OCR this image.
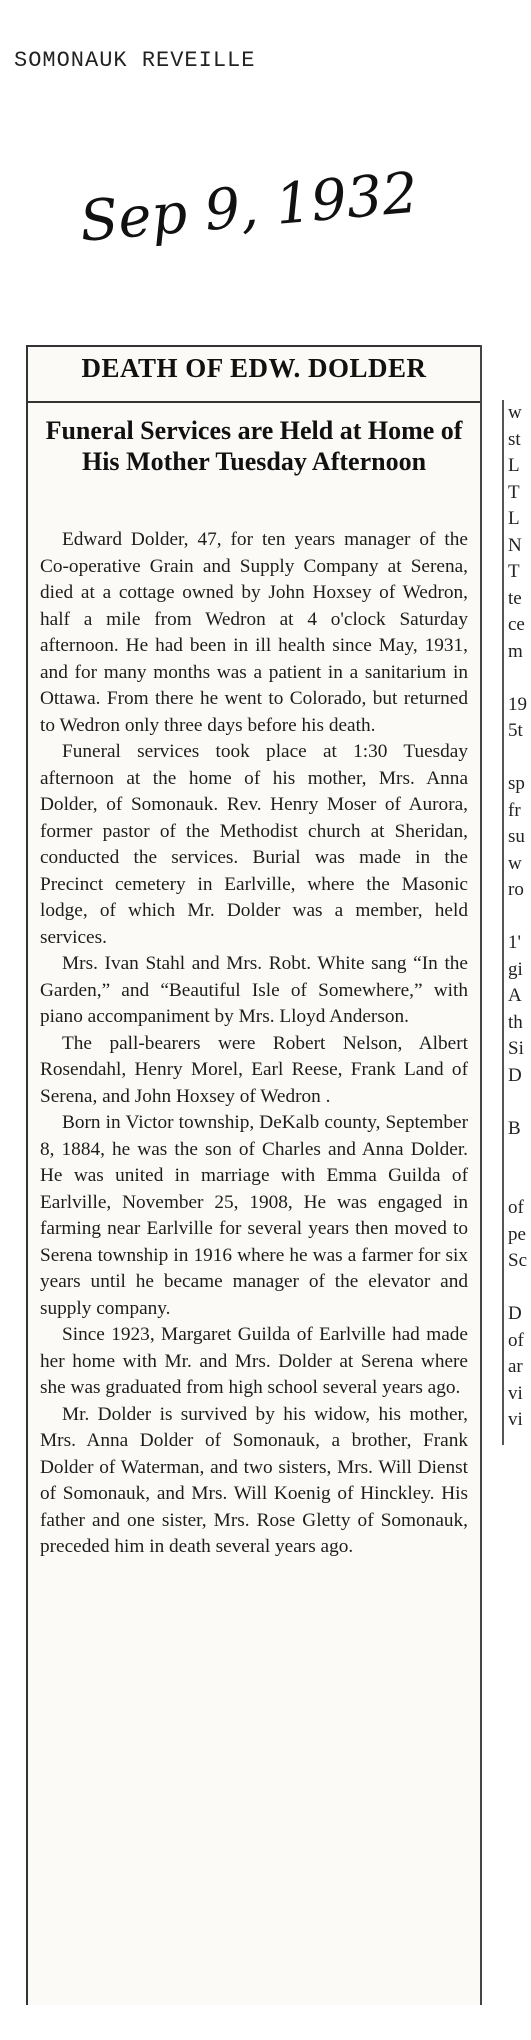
SOMONAUK REVEILLE
Sep 9, 1932
DEATH OF EDW. DOLDER
Funeral Services are Held at Home of His Mother Tuesday Afternoon

Edward Dolder, 47, for ten years manager of the Co-operative Grain and Supply Company at Serena, died at a cottage owned by John Hoxsey of Wedron, half a mile from Wedron at 4 o'clock Saturday afternoon. He had been in ill health since May, 1931, and for many months was a patient in a sanitarium in Ottawa. From there he went to Colorado, but returned to Wedron only three days before his death.

Funeral services took place at 1:30 Tuesday afternoon at the home of his mother, Mrs. Anna Dolder, of Somonauk. Rev. Henry Moser of Aurora, former pastor of the Methodist church at Sheridan, conducted the services. Burial was made in the Precinct cemetery in Earlville, where the Masonic lodge, of which Mr. Dolder was a member, held services.

Mrs. Ivan Stahl and Mrs. Robt. White sang “In the Garden,” and “Beautiful Isle of Somewhere,” with piano accompaniment by Mrs. Lloyd Anderson.

The pall-bearers were Robert Nelson, Albert Rosendahl, Henry Morel, Earl Reese, Frank Land of Serena, and John Hoxsey of Wedron .

Born in Victor township, DeKalb county, September 8, 1884, he was the son of Charles and Anna Dolder. He was united in marriage with Emma Guilda of Earlville, November 25, 1908, He was engaged in farming near Earlville for several years then moved to Serena township in 1916 where he was a farmer for six years until he became manager of the elevator and supply company.

Since 1923, Margaret Guilda of Earlville had made her home with Mr. and Mrs. Dolder at Serena where she was graduated from high school several years ago.

Mr. Dolder is survived by his widow, his mother, Mrs. Anna Dolder of Somonauk, a brother, Frank Dolder of Waterman, and two sisters, Mrs. Will Dienst of Somonauk, and Mrs. Will Koenig of Hinckley. His father and one sister, Mrs. Rose Gletty of Somonauk, preceded him in death several years ago.

w
st
L
T
L
N
T
te
ce
m

19
5t

sp
fr
su
w
ro

1'
gi
A
th
Si
D

B

of
pe
Sc

D
of
ar
vi
vi
